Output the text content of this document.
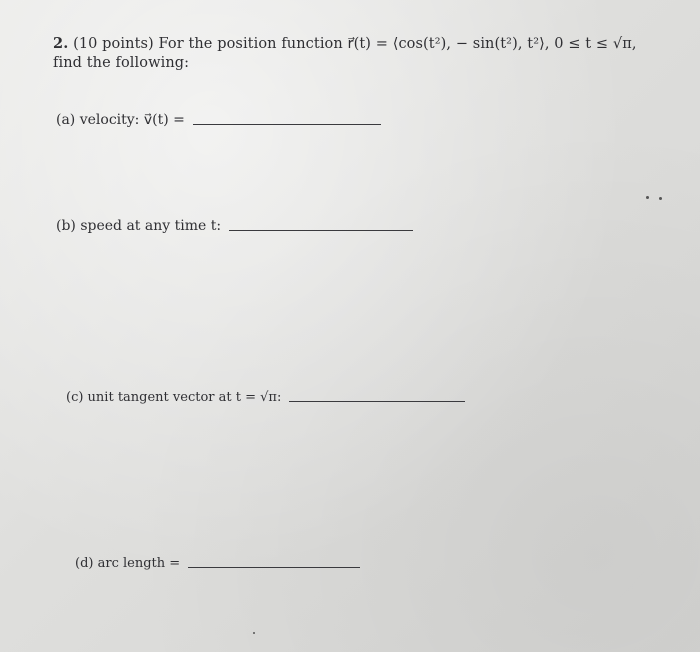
2. (10 points) For the position function r⃗(t) = ⟨cos(t²), − sin(t²), t²⟩, 0 ≤ t ≤ √π, find the following:
(a) velocity: v⃗(t) =
(b) speed at any time t:
(c) unit tangent vector at t = √π:
(d) arc length =
